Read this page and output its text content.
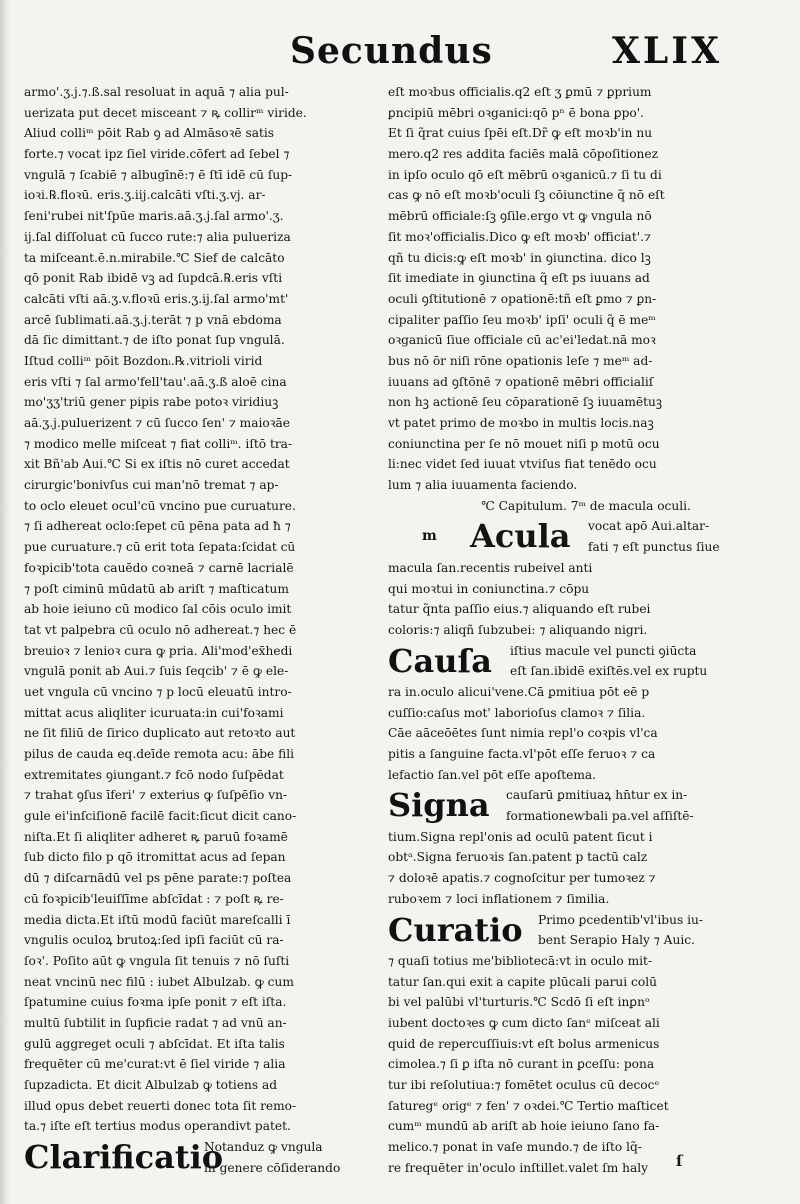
Secundus	XLIX
armo'.ʒ.j.⁊.ß.sal resoluat in aquā ⁊ alia pul-
uerizata put decet misceant ⁊ ꝶ collirᵐ viride.
Aliud colliᵐ pōit Rab ꝯ ad Almāsoꝛē satis
forte.⁊ vocat ipz ſiel viride.cōfert ad ſebel ⁊
vngulā ⁊ ſcabiē ⁊ albugīnē:⁊ ē ſtī idē cū ſup-
ioꝛi.℞.floꝛū. eris.ʒ.iij.calcāti vſti.ʒ.vj. ar-
ſeni'rubei nit'ſpūe maris.aā.ʒ.j.ſal armo'.ʒ.
ij.ſal diſſoluat cū ſucco rute:⁊ alia pulueriza
ta miſceant.ē.n.mirabile.℃ Sief de calcāto
qō ponit Rab ibidē vꝫ ad ſupdcā.℞.eris vſti
calcāti vſti aā.ʒ.v.floꝛū eris.ʒ.ij.ſal armo'mt'
arcē ſublimati.aā.ʒ.j.terāt ⁊ p vnā ebdoma
dā ſic dimittant.⁊ de iſto ponat ſup vngulā.
Iſtud colliᵐ pōit Bozdonᵢ.℞.vitrioli virid
eris vſti ⁊ ſal armo'fell'tau'.aā.ʒ.ß aloē cina
mo'ʒʒ'triū gener pipis rabe potoꝛ viridiuꝫ
aā.ʒ.j.puluerizent ⁊ cū ſucco ſen' ⁊ maioꝛāe
⁊ modico melle miſceat ⁊ fiat colliᵐ. iſtō tra-
xit Bñ'ab Aui.℃ Si ex iſtis nō curet accedat
cirurgic'bonivſus cui man'nō tremat ⁊ ap-
to oclo eleuet ocul'cū vncino pue curuature.
⁊ ſi adhereat oclo:ſepet cū pēna pata ad ħ ⁊
pue curuature.⁊ cū erit tota ſepata:ſcidat cū
foꝛpicib'tota cauēdo coꝛneā ⁊ carnē lacrialē
⁊ poſt ciminū mūdatū ab ariſt ⁊ maſticatum
ab hoie ieiuno cū modico ſal cōis oculo imit
tat vt palpebra cū oculo nō adhereat.⁊ hec ē
breuioꝛ ⁊ lenioꝛ cura ꝙ pria. Ali'mod'ex̄hedi
vngulā ponit ab Aui.⁊ ſuis ſeqcib' ⁊ ē ꝙ ele-
uet vngula cū vncino ⁊ p locū eleuatū intro-
mittat acus aliqliter icuruata:in cui'foꝛami
ne ſit filiū de ſirico duplicato aut retoꝛto aut
pilus de cauda eq.deīde remota acu: ābe fili
extremitates ꝯiungant.⁊ fcō nodo ſuſpēdat
⁊ trahat ꝯſus īferi' ⁊ exterius ꝙ ſuſpēſio vn-
gule ei'inſciſionē facilē facit:ſicut dicit cano-
niſta.Et ſi aliqliter adheret ꝶ paruū foꝛamē
ſub dicto filo p qō itromittat acus ad ſepan
dū ⁊ diſcarnādū vel ps pēne parate:⁊ poſtea
cū foꝛpicib'leuiſſīme abſcīdat : ⁊ poſt ꝶ re-
media dicta.Et iſtū modū faciūt mareſcalli ī
vngulis oculoꝝ brutoꝝ:ſed ipſi faciūt cū ra-
ſoꝛ'. Poſito aūt ꝙ vngula ſit tenuis ⁊ nō ſuſti
neat vncinū nec filū : iubet Albulzab. ꝙ cum
ſpatumine cuius foꝛma ipſe ponit ⁊ eſt iſta.
multū ſubtilit in ſupficie radat ⁊ ad vnū an-
gulū aggreget oculi ⁊ abſcīdat. Et iſta talis
frequēter cū me'curat:vt ē ſiel viride ⁊ alia
ſupzadicta. Et dicit Albulzab ꝙ totiens ad
illud opus debet reuerti donec tota ſit remo-
ta.⁊ iſte eſt tertius modus operandivt patet.
Clarificatio
Notanduz ꝙ vngula
in genere cōſiderando
eſt moꝛbus officialis.q2 eſt ʒ ꝑmū ⁊ ꝑprium
ꝑncipiū mēbri oꝛganici:qō pⁿ ē bona ꝑpo'.
Et ſi q̃rat cuius ſpēi eſt.Dr̃ ꝙ eſt moꝛb'in nu
mero.q2 res addita faciēs malā cōpoſitionez
in ipſo oculo qō eſt mēbrū oꝛganicū.⁊ ſi tu di
cas ꝙ nō eſt moꝛb'oculi ſꝫ cōiunctine q̃ nō eſt
mēbrū officiale:ſꝫ ꝯſile.ergo vt ꝙ vngula nō
ſit moꝛ'officialis.Dico ꝙ eſt moꝛb' officiat'.⁊
qñ tu dicis:ꝙ eſt moꝛb' in ꝯiunctina. dico lꝫ
ſit imediate in ꝯiunctina q̃ eſt ps iuuans ad
oculi ꝯſtitutionē ⁊ opationē:tñ eſt ꝑmo ⁊ ꝑn-
cipaliter paſſio ſeu moꝛb' ipſi' oculi q̃ ē meᵐ
oꝛganicū ſiue officiale cū ac'ei'ledat.nā moꝛ
bus nō ōr niſi rōne opationis leſe ⁊ meᵐ ad-
iuuans ad ꝯſtōnē ⁊ opationē mēbri officialiſ
non hꝫ actionē ſeu cōparationē ſꝫ iuuamētuꝫ
vt patet primo de moꝛbo in multis locis.naꝫ
coniunctina per ſe nō mouet niſi p motū ocu
li:nec videt ſed iuuat vtviſus fiat tenēdo ocu
lum ⁊ alia iuuamenta faciendo.
℃ Capitulum. 7ᵐ de macula oculi.
m Acula vocat apō Aui.altar-
fati ⁊ eſt punctus ſiue
macula ſan.recentis rubeivel anti
qui moꝛtui in coniunctina.⁊ cōpu
tatur q̃nta paſſio eius.⁊ aliquando eſt rubei
coloris:⁊ aliqñ ſubzubei: ⁊ aliquando nigri.
Cauſa iſtius macule vel puncti ꝯiūcta
eſt ſan.ibidē exiſtēs.vel ex ruptu
ra in.oculo alicui'vene.Cā ꝑmitiua pōt eē p
cuſſio:caſus mot' laborioſus clamoꝛ ⁊ ſilia.
Cāe aāceōētes ſunt nimia repl'o coꝛpis vl'ca
pitis a ſanguine facta.vl'pōt eſſe feruoꝛ ⁊ ca
lefactio ſan.vel pōt eſſe apoſtema.
Signa cauſarū ꝑmitiuaꝝ hn̄tur ex in-
formationeⱳbali pa.vel aſſiſtē-
tium.Signa repl'onis ad oculū patent ſicut i
obtᵃ.Signa feruoꝛis ſan.patent p tactū calz
⁊ doloꝛē apatis.⁊ cognoſcitur per tumoꝛez ⁊
ruboꝛem ⁊ loci inflationem ⁊ ſimilia.
Curatio Primo ꝑcedentib'vl'ibus iu-
bent Serapio Haly ⁊ Auic.
⁊ quaſi totius me'bibliotecā:vt in oculo mit-
tatur ſan.qui exit a capite plūcali parui colū
bi vel palūbi vl'turturis.℃ Scdō ſi eſt inꝑnᵒ
iubent doctoꝛes ꝙ cum dicto ſanᵉ miſceat ali
quid de repercuſſiuis:vt eſt bolus armenicus
cimolea.⁊ ſi ꝑ iſta nō curant in ꝑceſſu: pona
tur ibi reſolutiua:⁊ fomētet oculus cū decocᵉ
ſaturegᵉ origᵉ ⁊ fen' ⁊ oꝛdei.℃ Tertio maſticet
cumᵐ mundū ab ariſt ab hoie ieiuno ſano fa-
melico.⁊ ponat in vaſe mundo.⁊ de iſto lq̃-
re frequēter in'oculo inſtillet.valet ſm haly	ſ
